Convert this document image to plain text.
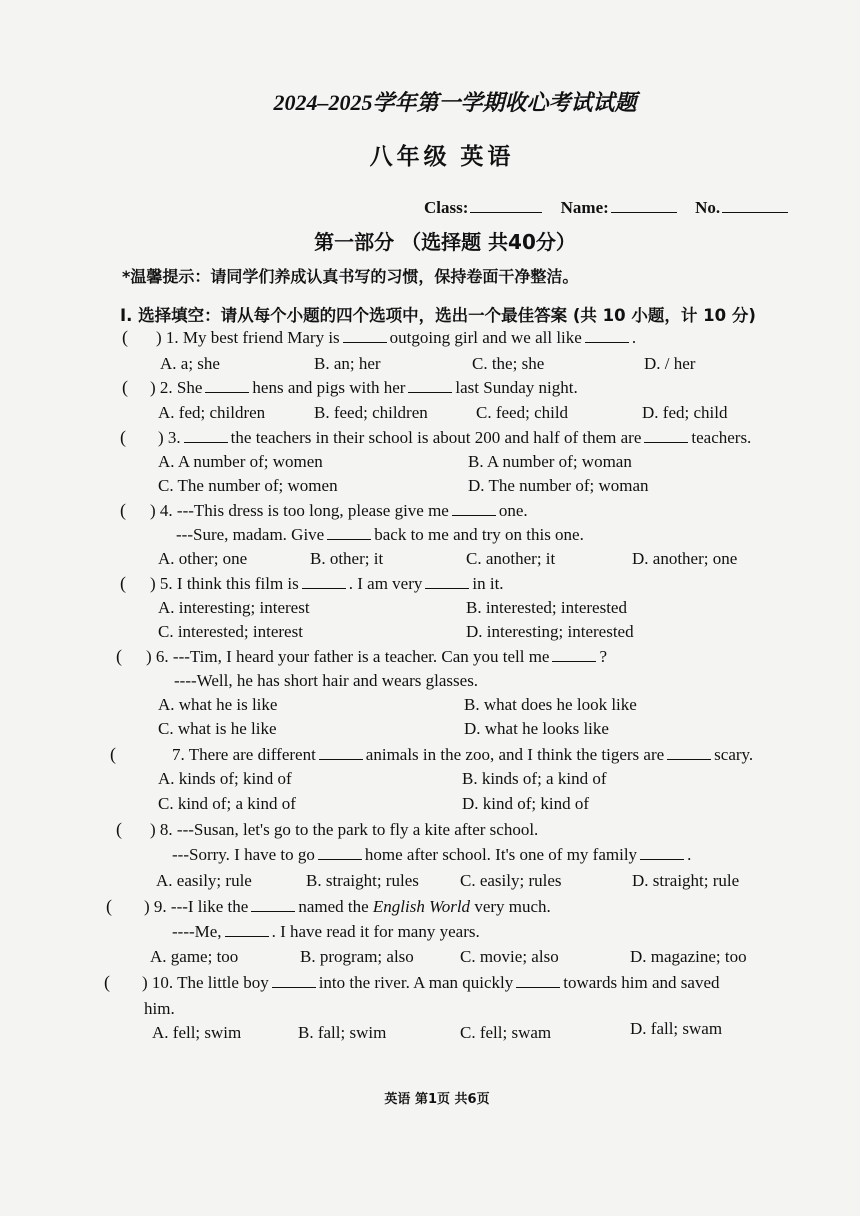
2024–2025学年第一学期收心考试试题
八年级 英语
Class:	Name:	No.
第一部分 （选择题 共40分）
*温馨提示：请同学们养成认真书写的习惯，保持卷面干净整洁。
I. 选择填空：请从每个小题的四个选项中，选出一个最佳答案 (共 10 小题，计 10 分)
( ) 1. My best friend Mary is	outgoing girl and we all like	.
A. a; she	B. an; her	C. the; she	D. / her
( ) 2. She	hens and pigs with her	last Sunday night.
A. fed; children	B. feed; children	C. feed; child	D. fed; child
( ) 3.	the teachers in their school is about 200 and half of them are	teachers.
A. A number of; women	B. A number of; woman
C. The number of; women	D. The number of; woman
( ) 4. ---This dress is too long, please give me	one.
---Sure, madam. Give	back to me and try on this one.
A. other; one	B. other; it	C. another; it	D. another; one
( ) 5. I think this film is	. I am very	in it.
A. interesting; interest	B. interested; interested
C. interested; interest	D. interesting; interested
( ) 6. ---Tim, I heard your father is a teacher. Can you tell me	?
----Well, he has short hair and wears glasses.
A. what he is like	B. what does he look like
C. what is he like	D. what he looks like
(	7. There are different	animals in the zoo, and I think the tigers are	scary.
A. kinds of; kind of	B. kinds of; a kind of
C. kind of; a kind of	D. kind of; kind of
( ) 8. ---Susan, let's go to the park to fly a kite after school.
---Sorry. I have to go	home after school. It's one of my family	.
A. easily; rule	B. straight; rules C. easily; rules	D. straight; rule
( ) 9. ---I like the	named the English World very much.
----Me,	. I have read it for many years.
A. game; too	B. program; also	C. movie; also	D. magazine; too
( ) 10. The little boy	into the river. A man quickly	towards him and saved
him.
A. fell; swim	B. fall; swim	C. fell; swam	D. fall; swam
英语 第1页 共6页
